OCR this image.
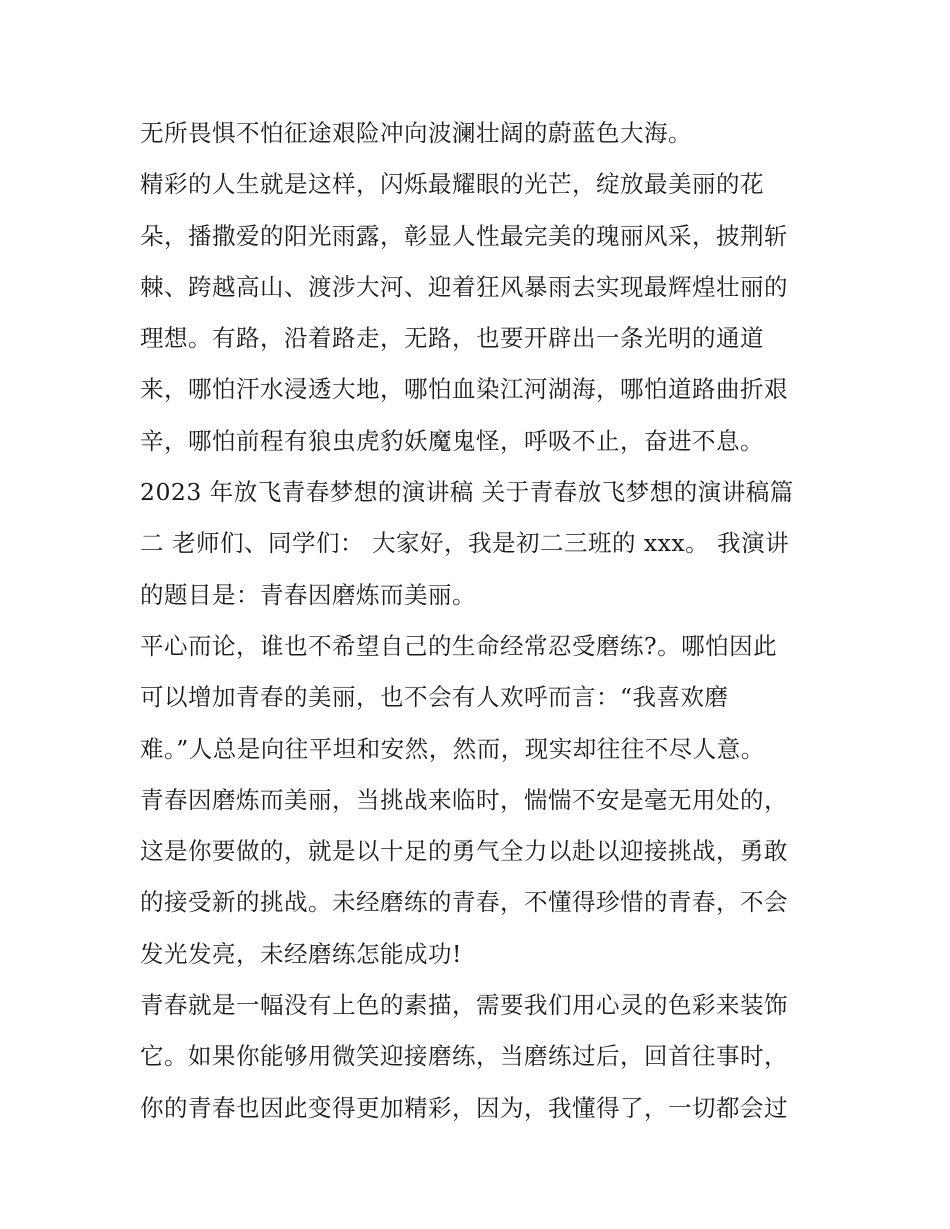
无所畏惧不怕征途艰险冲向波澜壮阔的蔚蓝色大海。
精彩的人生就是这样，闪烁最耀眼的光芒，绽放最美丽的花
朵，播撒爱的阳光雨露，彰显人性最完美的瑰丽风采，披荆斩
棘、跨越高山、渡涉大河、迎着狂风暴雨去实现最辉煌壮丽的
理想。有路，沿着路走，无路，也要开辟出一条光明的通道
来，哪怕汗水浸透大地，哪怕血染江河湖海，哪怕道路曲折艰
辛，哪怕前程有狼虫虎豹妖魔鬼怪，呼吸不止，奋进不息。
2023 年放飞青春梦想的演讲稿 关于青春放飞梦想的演讲稿篇
二 老师们、同学们： 大家好，我是初二三班的 xxx。 我演讲
的题目是：青春因磨炼而美丽。
平心而论，谁也不希望自己的生命经常忍受磨练?。哪怕因此
可以增加青春的美丽，也不会有人欢呼而言：“我喜欢磨
难。”人总是向往平坦和安然，然而，现实却往往不尽人意。
青春因磨炼而美丽，当挑战来临时，惴惴不安是毫无用处的，
这是你要做的，就是以十足的勇气全力以赴以迎接挑战，勇敢
的接受新的挑战。未经磨练的青春，不懂得珍惜的青春，不会
发光发亮，未经磨练怎能成功!
青春就是一幅没有上色的素描，需要我们用心灵的色彩来装饰
它。如果你能够用微笑迎接磨练，当磨练过后，回首往事时，
你的青春也因此变得更加精彩，因为，我懂得了，一切都会过
